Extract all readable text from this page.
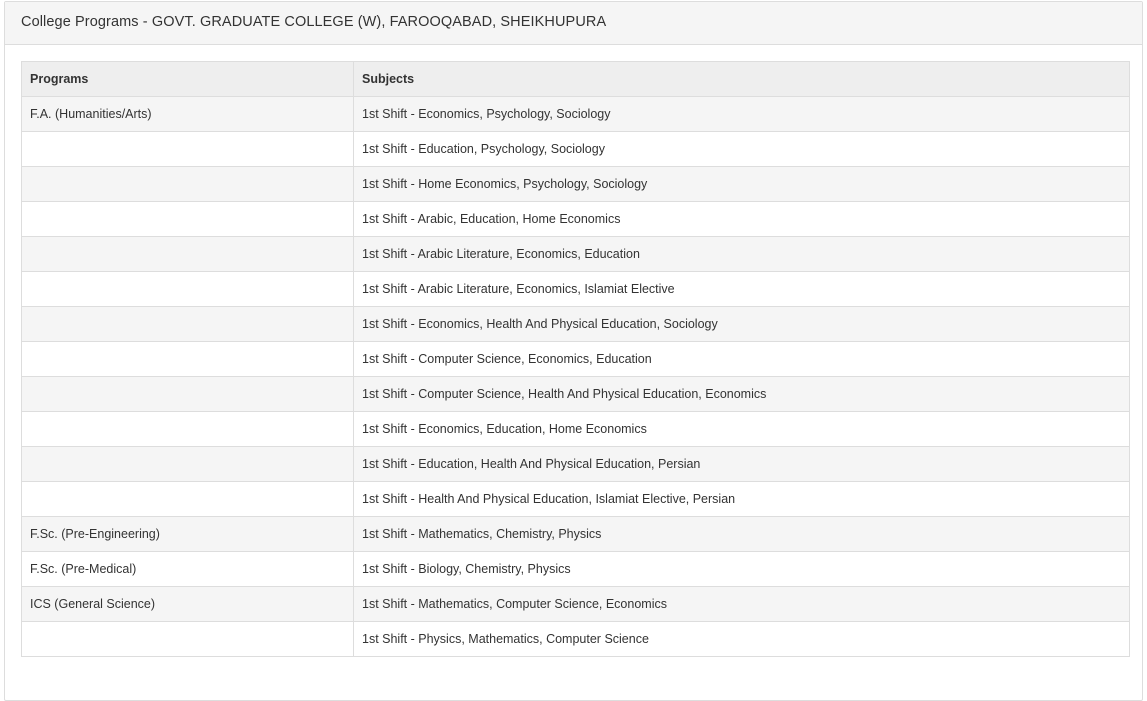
College Programs - GOVT. GRADUATE COLLEGE (W), FAROOQABAD, SHEIKHUPURA
Programs	Subjects
F.A. (Humanities/Arts)	1st Shift - Economics, Psychology, Sociology
	1st Shift - Education, Psychology, Sociology
	1st Shift - Home Economics, Psychology, Sociology
	1st Shift - Arabic, Education, Home Economics
	1st Shift - Arabic Literature, Economics, Education
	1st Shift - Arabic Literature, Economics, Islamiat Elective
	1st Shift - Economics, Health And Physical Education, Sociology
	1st Shift - Computer Science, Economics, Education
	1st Shift - Computer Science, Health And Physical Education, Economics
	1st Shift - Economics, Education, Home Economics
	1st Shift - Education, Health And Physical Education, Persian
	1st Shift - Health And Physical Education, Islamiat Elective, Persian
F.Sc. (Pre-Engineering)	1st Shift - Mathematics, Chemistry, Physics
F.Sc. (Pre-Medical)	1st Shift - Biology, Chemistry, Physics
ICS (General Science)	1st Shift - Mathematics, Computer Science, Economics
	1st Shift - Physics, Mathematics, Computer Science
